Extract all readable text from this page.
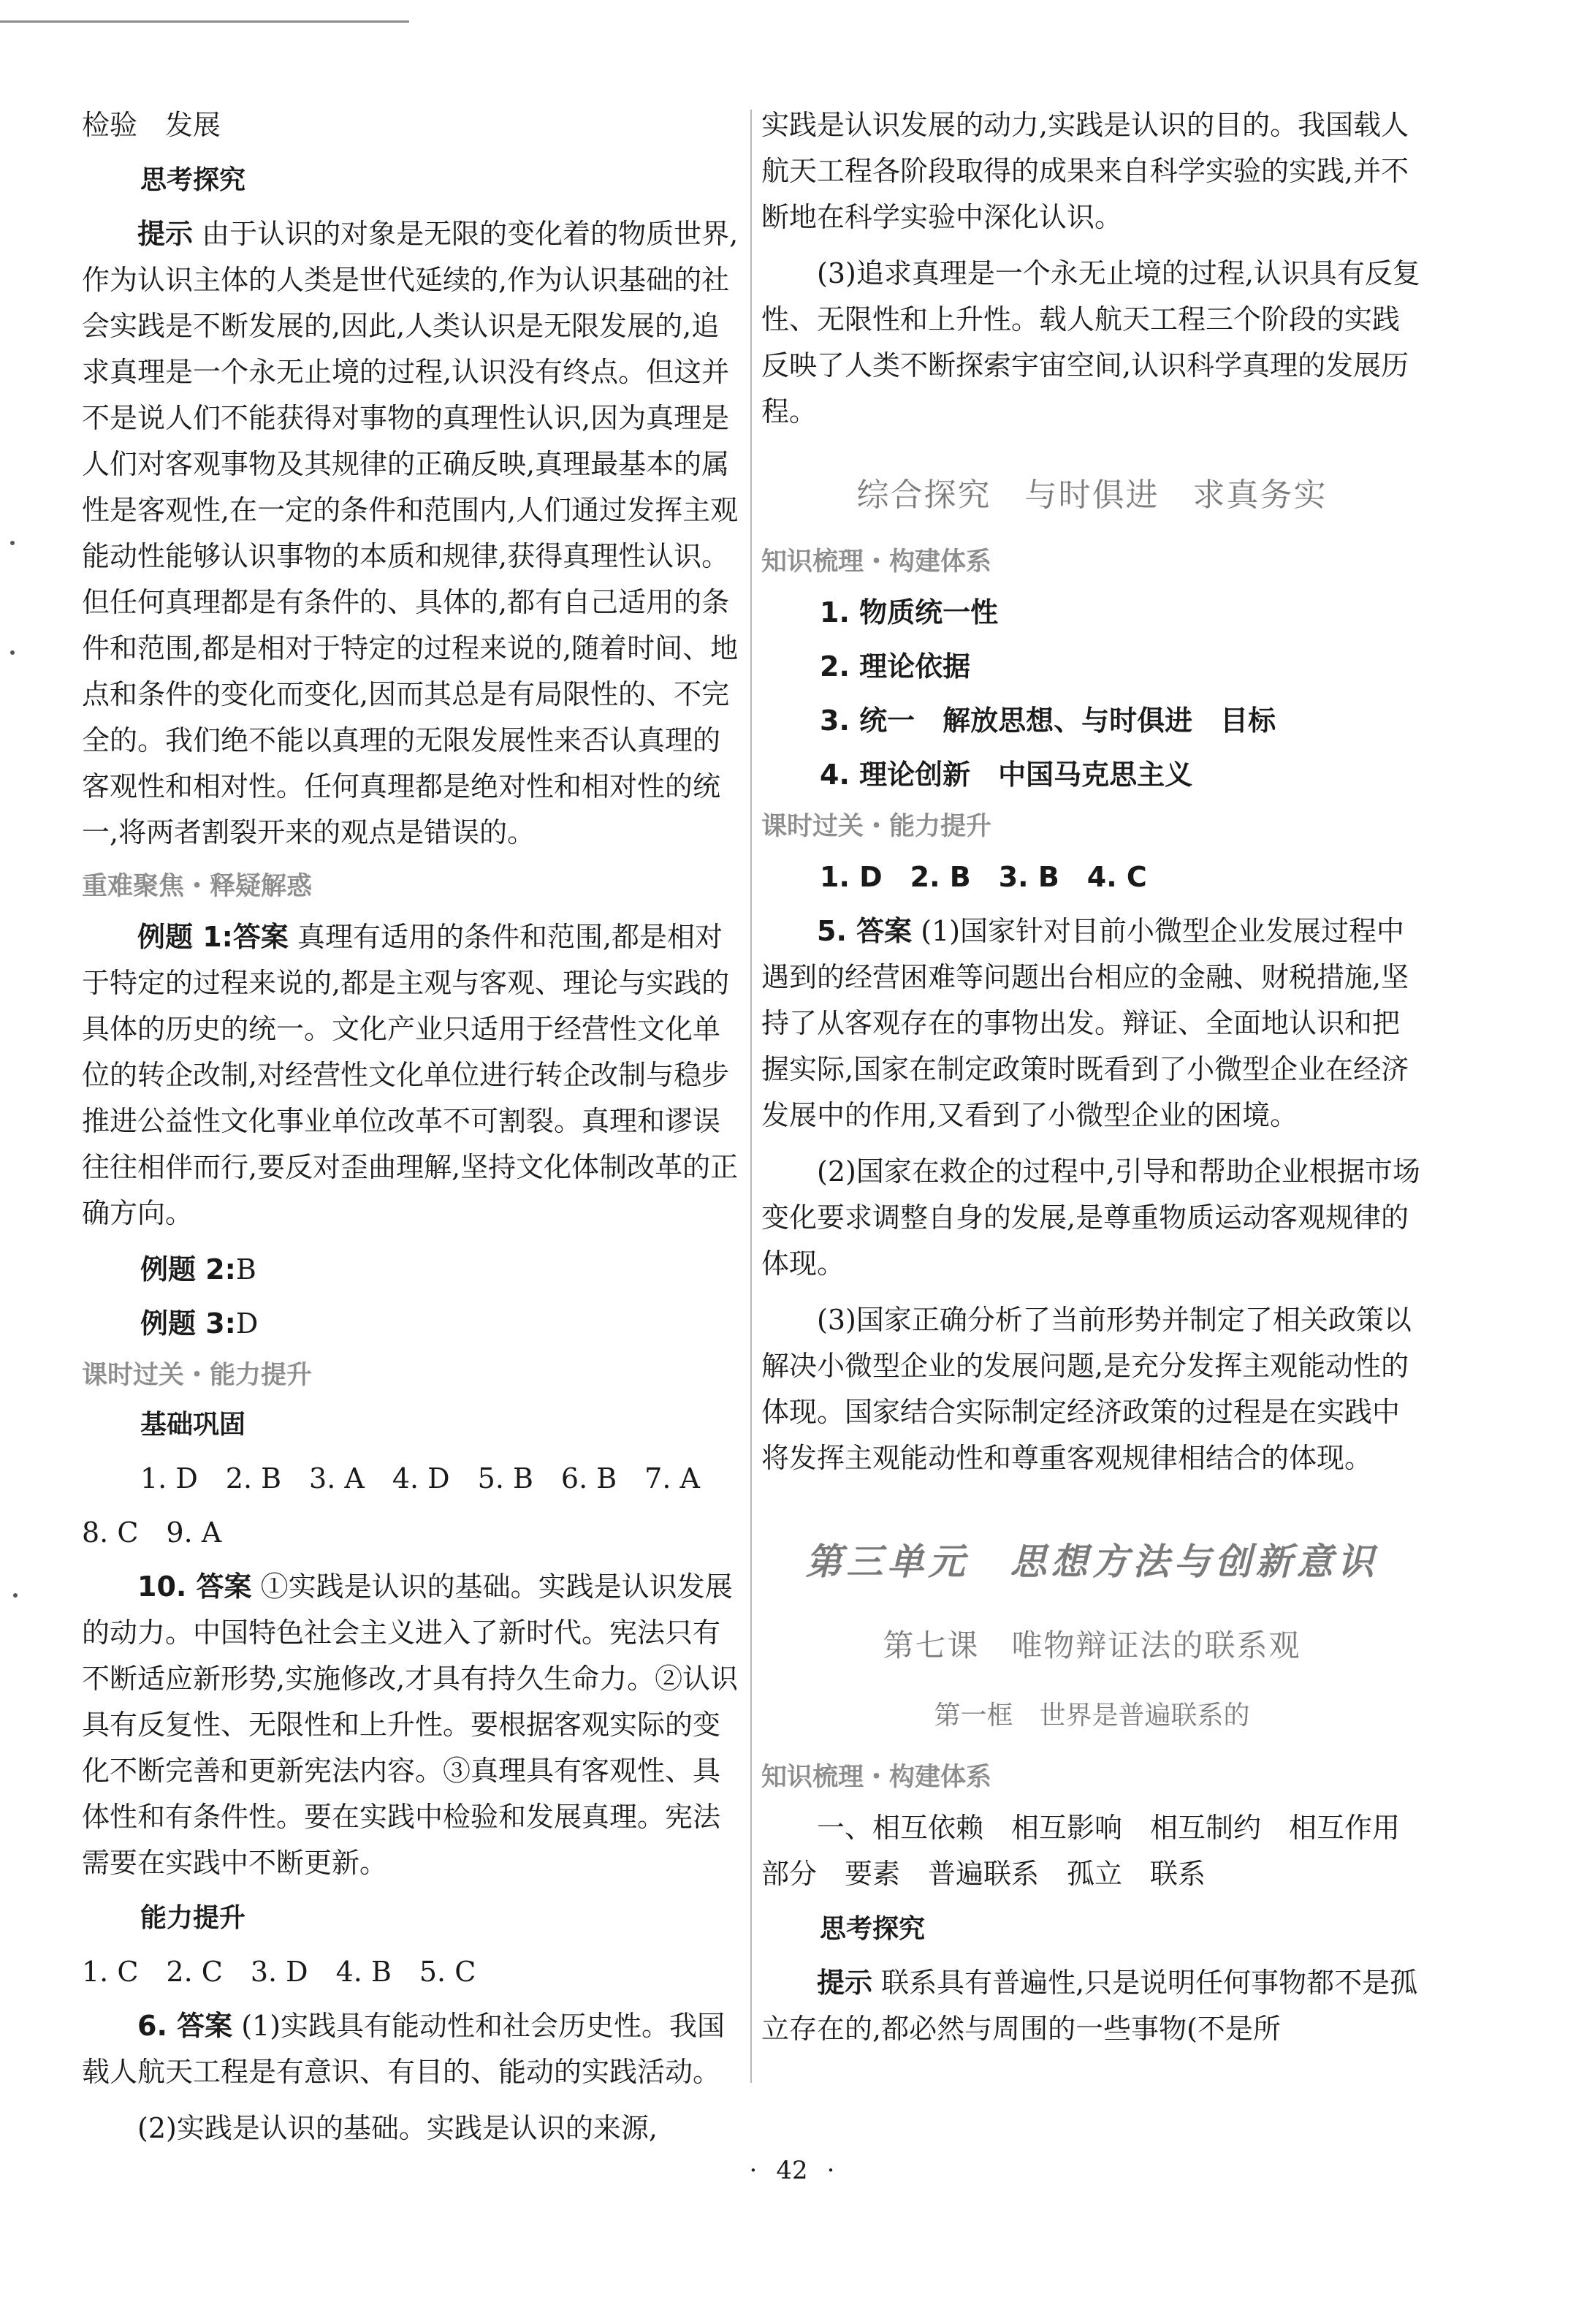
检验　发展

思考探究

提示 由于认识的对象是无限的变化着的物质世界,作为认识主体的人类是世代延续的,作为认识基础的社会实践是不断发展的,因此,人类认识是无限发展的,追求真理是一个永无止境的过程,认识没有终点。但这并不是说人们不能获得对事物的真理性认识,因为真理是人们对客观事物及其规律的正确反映,真理最基本的属性是客观性,在一定的条件和范围内,人们通过发挥主观能动性能够认识事物的本质和规律,获得真理性认识。但任何真理都是有条件的、具体的,都有自己适用的条件和范围,都是相对于特定的过程来说的,随着时间、地点和条件的变化而变化,因而其总是有局限性的、不完全的。我们绝不能以真理的无限发展性来否认真理的客观性和相对性。任何真理都是绝对性和相对性的统一,将两者割裂开来的观点是错误的。

重难聚焦・释疑解惑

例题 1:答案 真理有适用的条件和范围,都是相对于特定的过程来说的,都是主观与客观、理论与实践的具体的历史的统一。文化产业只适用于经营性文化单位的转企改制,对经营性文化单位进行转企改制与稳步推进公益性文化事业单位改革不可割裂。真理和谬误往往相伴而行,要反对歪曲理解,坚持文化体制改革的正确方向。

例题 2:B

例题 3:D

课时过关・能力提升

基础巩固

1. D　2. B　3. A　4. D　5. B　6. B　7. A

8. C　9. A

10. 答案 ①实践是认识的基础。实践是认识发展的动力。中国特色社会主义进入了新时代。宪法只有不断适应新形势,实施修改,才具有持久生命力。②认识具有反复性、无限性和上升性。要根据客观实际的变化不断完善和更新宪法内容。③真理具有客观性、具体性和有条件性。要在实践中检验和发展真理。宪法需要在实践中不断更新。

能力提升

1. C　2. C　3. D　4. B　5. C

6. 答案 (1)实践具有能动性和社会历史性。我国载人航天工程是有意识、有目的、能动的实践活动。

(2)实践是认识的基础。实践是认识的来源,

实践是认识发展的动力,实践是认识的目的。我国载人航天工程各阶段取得的成果来自科学实验的实践,并不断地在科学实验中深化认识。

(3)追求真理是一个永无止境的过程,认识具有反复性、无限性和上升性。载人航天工程三个阶段的实践反映了人类不断探索宇宙空间,认识科学真理的发展历程。

综合探究　与时俱进　求真务实

知识梳理・构建体系

1. 物质统一性

2. 理论依据

3. 统一　解放思想、与时俱进　目标

4. 理论创新　中国马克思主义

课时过关・能力提升

1. D　2. B　3. B　4. C

5. 答案 (1)国家针对目前小微型企业发展过程中遇到的经营困难等问题出台相应的金融、财税措施,坚持了从客观存在的事物出发。辩证、全面地认识和把握实际,国家在制定政策时既看到了小微型企业在经济发展中的作用,又看到了小微型企业的困境。

(2)国家在救企的过程中,引导和帮助企业根据市场变化要求调整自身的发展,是尊重物质运动客观规律的体现。

(3)国家正确分析了当前形势并制定了相关政策以解决小微型企业的发展问题,是充分发挥主观能动性的体现。国家结合实际制定经济政策的过程是在实践中将发挥主观能动性和尊重客观规律相结合的体现。

第三单元　思想方法与创新意识
第七课　唯物辩证法的联系观
第一框　世界是普遍联系的

知识梳理・构建体系

一、相互依赖　相互影响　相互制约　相互作用　部分　要素　普遍联系　孤立　联系

思考探究

提示 联系具有普遍性,只是说明任何事物都不是孤立存在的,都必然与周围的一些事物(不是所

· 42 ·
